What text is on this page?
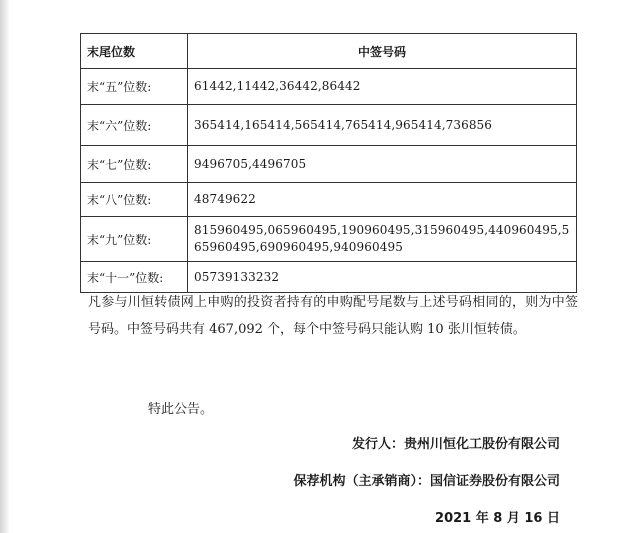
末尾位数	中签号码
末“五”位数:	61442,11442,36442,86442
末“六”位数:	365414,165414,565414,765414,965414,736856
末“七”位数:	9496705,4496705
末“八”位数:	48749622
末“九”位数:	815960495,065960495,190960495,315960495,440960495,565960495,690960495,940960495
末“十一”位数:	05739133232

凡参与川恒转债网上申购的投资者持有的申购配号尾数与上述号码相同的，则为中签号码。中签号码共有 467,092 个，每个中签号码只能认购 10 张川恒转债。

特此公告。

发行人：贵州川恒化工股份有限公司

保荐机构（主承销商）：国信证券股份有限公司

2021 年 8 月 16 日
